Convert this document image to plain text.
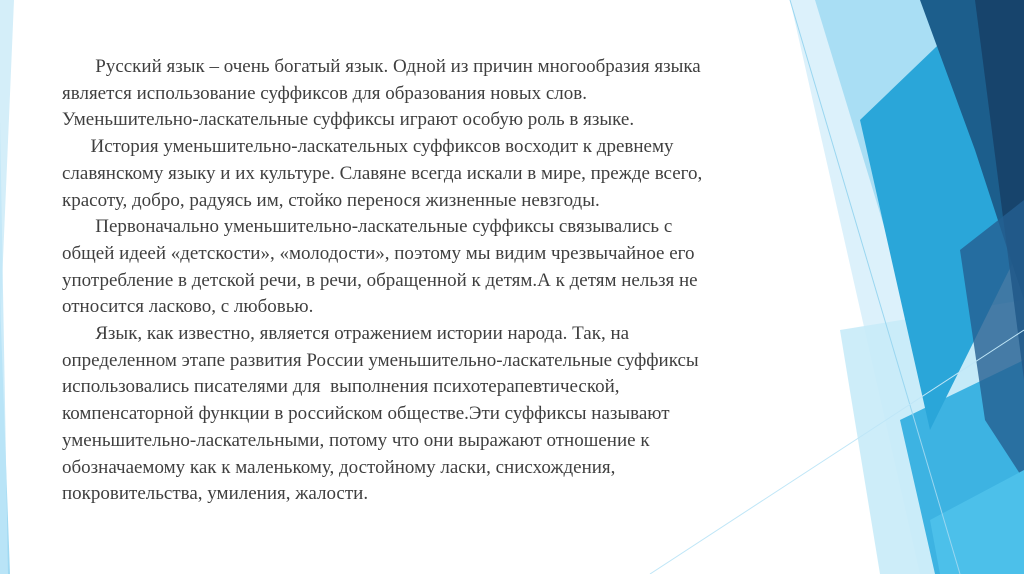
Русский язык – очень богатый язык. Одной из причин многообразия языка
является использование суффиксов для образования новых слов.
Уменьшительно-ласкательные суффиксы играют особую роль в языке.

История уменьшительно-ласкательных суффиксов восходит к древнему
славянскому языку и их культуре. Славяне всегда искали в мире, прежде всего,
красоту, добро, радуясь им, стойко перенося жизненные невзгоды.

Первоначально уменьшительно-ласкательные суффиксы связывались с
общей идеей «детскости», «молодости», поэтому мы видим чрезвычайное его
употребление в детской речи, в речи, обращенной к детям.А к детям нельзя не
относится ласково, с любовью.

Язык, как известно, является отражением истории народа. Так, на
определенном этапе развития России уменьшительно-ласкательные суффиксы
использовались писателями для  выполнения психотерапевтической,
компенсаторной функции в российском обществе.Эти суффиксы называют
уменьшительно-ласкательными, потому что они выражают отношение к
обозначаемому как к маленькому, достойному ласки, снисхождения,
покровительства, умиления, жалости.
